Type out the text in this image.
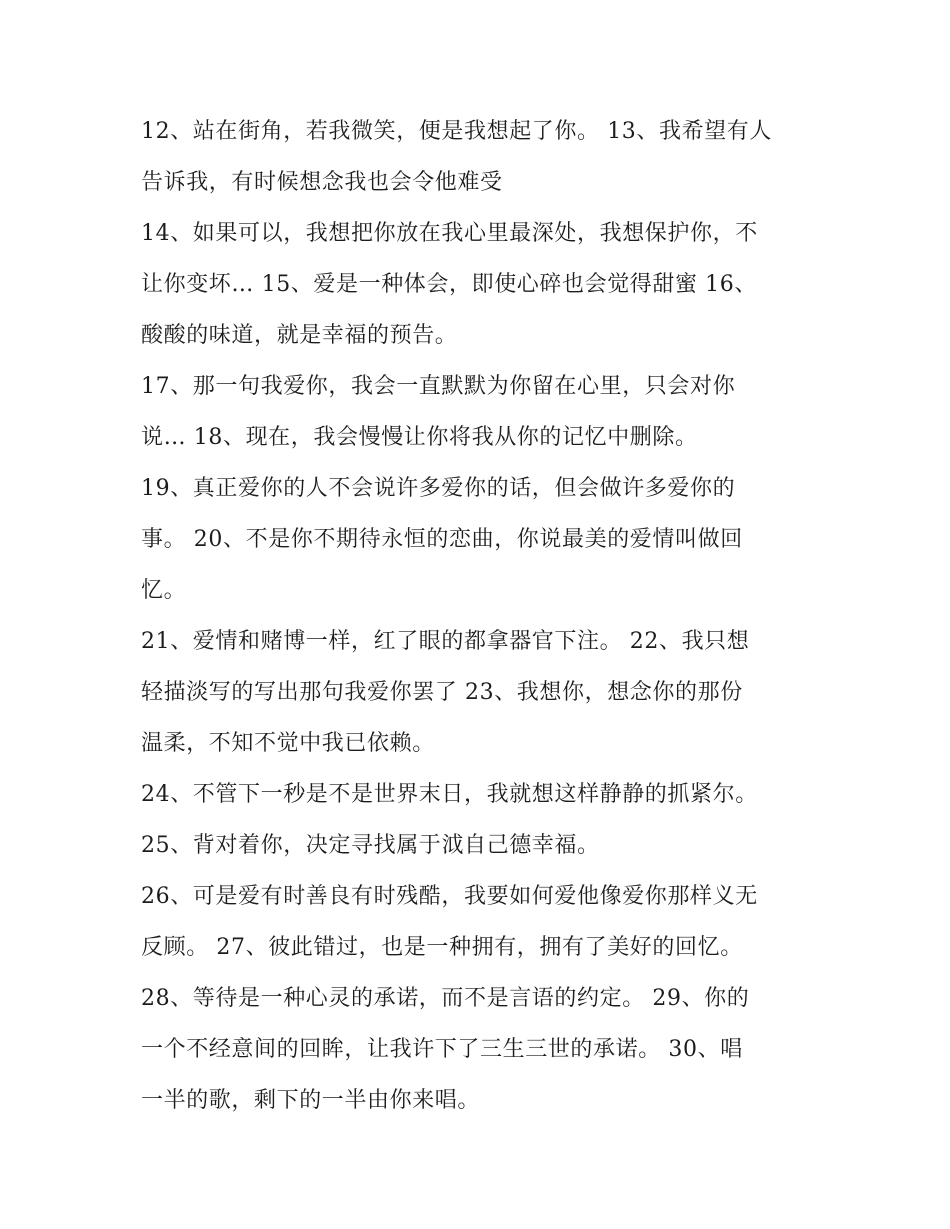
12、站在街角，若我微笑，便是我想起了你。 13、我希望有人
告诉我，有时候想念我也会令他难受
14、如果可以，我想把你放在我心里最深处，我想保护你，不
让你变坏… 15、爱是一种体会，即使心碎也会觉得甜蜜 16、
酸酸的味道，就是幸福的预告。
17、那一句我爱你，我会一直默默为你留在心里，只会对你
说… 18、现在，我会慢慢让你将我从你的记忆中删除。
19、真正爱你的人不会说许多爱你的话，但会做许多爱你的
事。 20、不是你不期待永恒的恋曲，你说最美的爱情叫做回
忆。
21、爱情和赌博一样，红了眼的都拿器官下注。 22、我只想
轻描淡写的写出那句我爱你罢了 23、我想你，想念你的那份
温柔，不知不觉中我已依赖。
24、不管下一秒是不是世界末日，我就想这样静静的抓紧尔。
25、背对着你，决定寻找属于泧自己德幸福。
26、可是爱有时善良有时残酷，我要如何爱他像爱你那样义无
反顾。 27、彼此错过，也是一种拥有，拥有了美好的回忆。
28、等待是一种心灵的承诺，而不是言语的约定。 29、你的
一个不经意间的回眸，让我许下了三生三世的承诺。 30、唱
一半的歌，剩下的一半由你来唱。
